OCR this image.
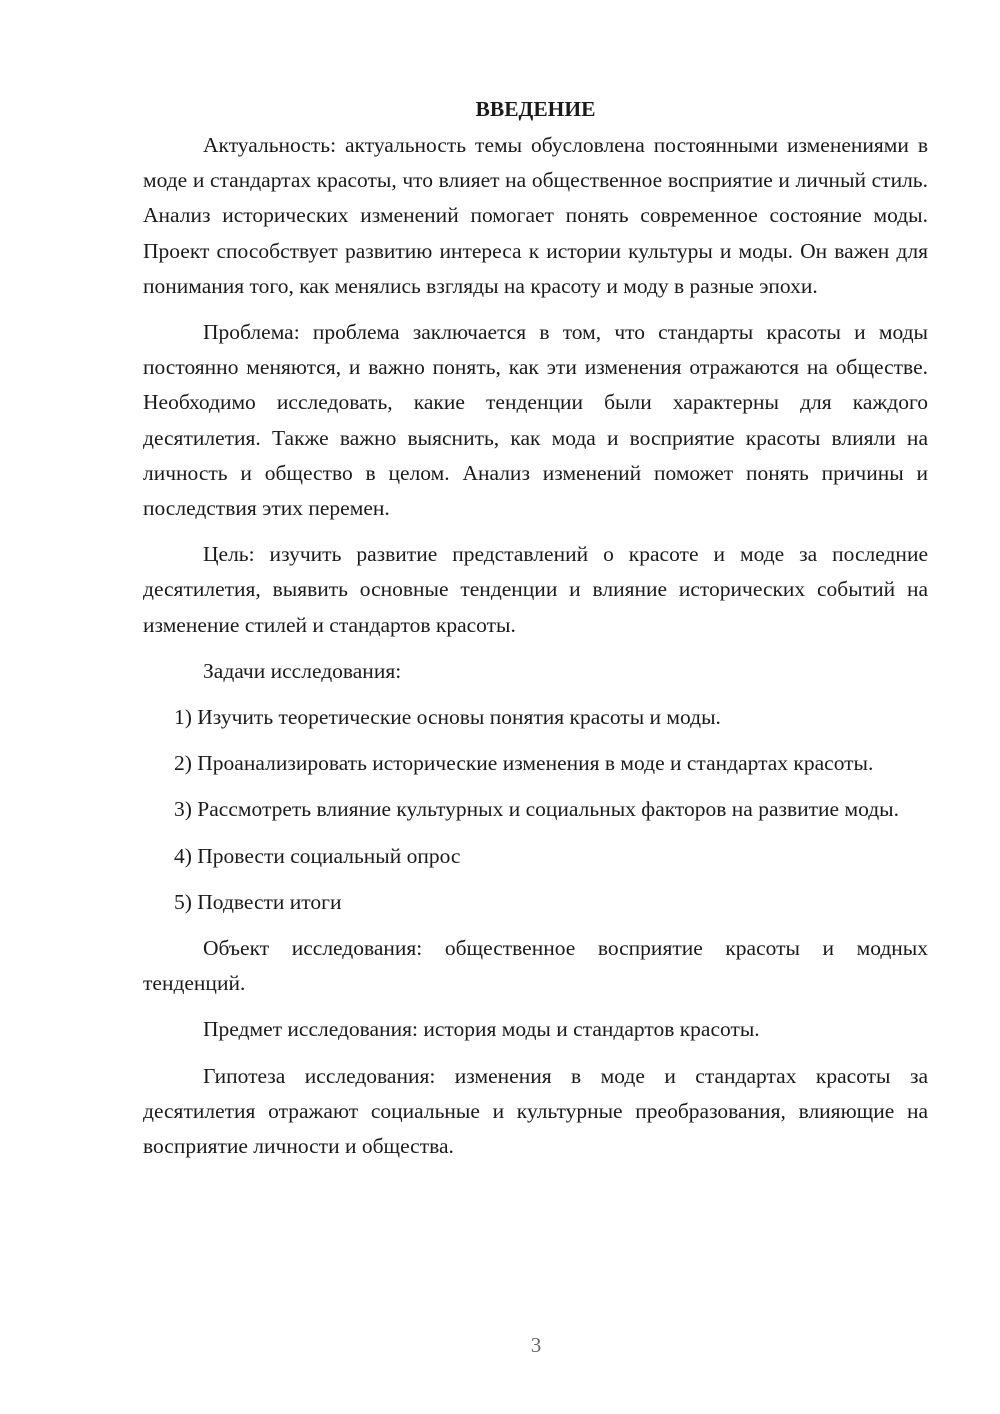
ВВЕДЕНИЕ

Актуальность: актуальность темы обусловлена постоянными изменениями в моде и стандартах красоты, что влияет на общественное восприятие и личный стиль. Анализ исторических изменений помогает понять современное состояние моды. Проект способствует развитию интереса к истории культуры и моды. Он важен для понимания того, как менялись взгляды на красоту и моду в разные эпохи.

Проблема: проблема заключается в том, что стандарты красоты и моды постоянно меняются, и важно понять, как эти изменения отражаются на обществе. Необходимо исследовать, какие тенденции были характерны для каждого десятилетия. Также важно выяснить, как мода и восприятие красоты влияли на личность и общество в целом. Анализ изменений поможет понять причины и последствия этих перемен.

Цель: изучить развитие представлений о красоте и моде за последние десятилетия, выявить основные тенденции и влияние исторических событий на изменение стилей и стандартов красоты.

Задачи исследования:

1) Изучить теоретические основы понятия красоты и моды.

2) Проанализировать исторические изменения в моде и стандартах красоты.

3) Рассмотреть влияние культурных и социальных факторов на развитие моды.

4) Провести социальный опрос

5) Подвести итоги

Объект исследования: общественное восприятие красоты и модных тенденций.

Предмет исследования: история моды и стандартов красоты.

Гипотеза исследования: изменения в моде и стандартах красоты за десятилетия отражают социальные и культурные преобразования, влияющие на восприятие личности и общества.

3
